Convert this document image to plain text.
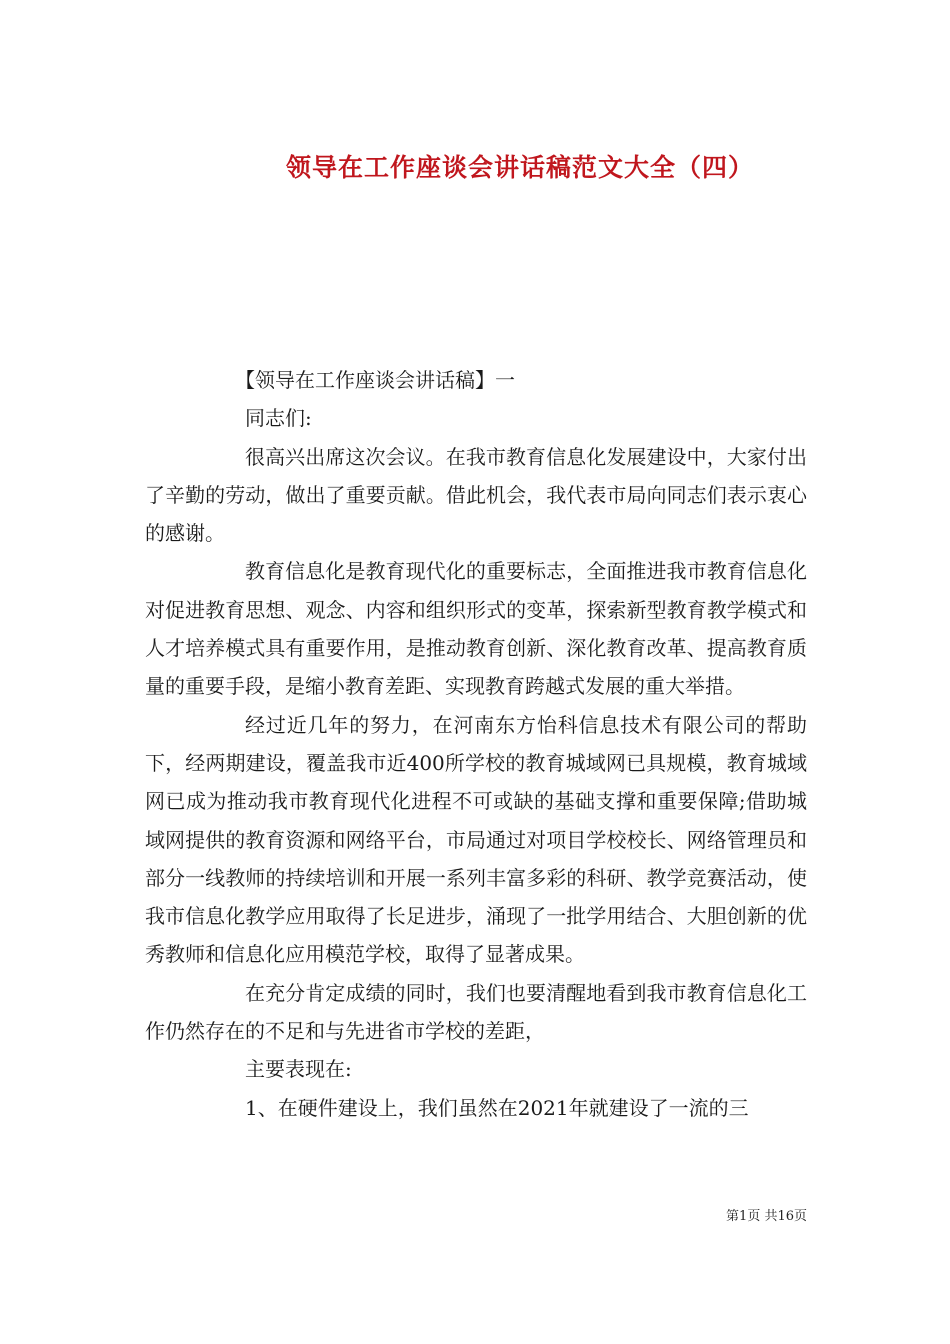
领导在工作座谈会讲话稿范文大全（四）

【领导在工作座谈会讲话稿】一

同志们:

很高兴出席这次会议。在我市教育信息化发展建设中，大家付出了辛勤的劳动，做出了重要贡献。借此机会，我代表市局向同志们表示衷心的感谢。

教育信息化是教育现代化的重要标志，全面推进我市教育信息化对促进教育思想、观念、内容和组织形式的变革，探索新型教育教学模式和人才培养模式具有重要作用，是推动教育创新、深化教育改革、提高教育质量的重要手段，是缩小教育差距、实现教育跨越式发展的重大举措。

经过近几年的努力，在河南东方怡科信息技术有限公司的帮助下，经两期建设，覆盖我市近400所学校的教育城域网已具规模，教育城域网已成为推动我市教育现代化进程不可或缺的基础支撑和重要保障;借助城域网提供的教育资源和网络平台，市局通过对项目学校校长、网络管理员和部分一线教师的持续培训和开展一系列丰富多彩的科研、教学竞赛活动，使我市信息化教学应用取得了长足进步，涌现了一批学用结合、大胆创新的优秀教师和信息化应用模范学校，取得了显著成果。

在充分肯定成绩的同时，我们也要清醒地看到我市教育信息化工作仍然存在的不足和与先进省市学校的差距，

主要表现在:

1、在硬件建设上，我们虽然在2021年就建设了一流的三

第1页 共16页
